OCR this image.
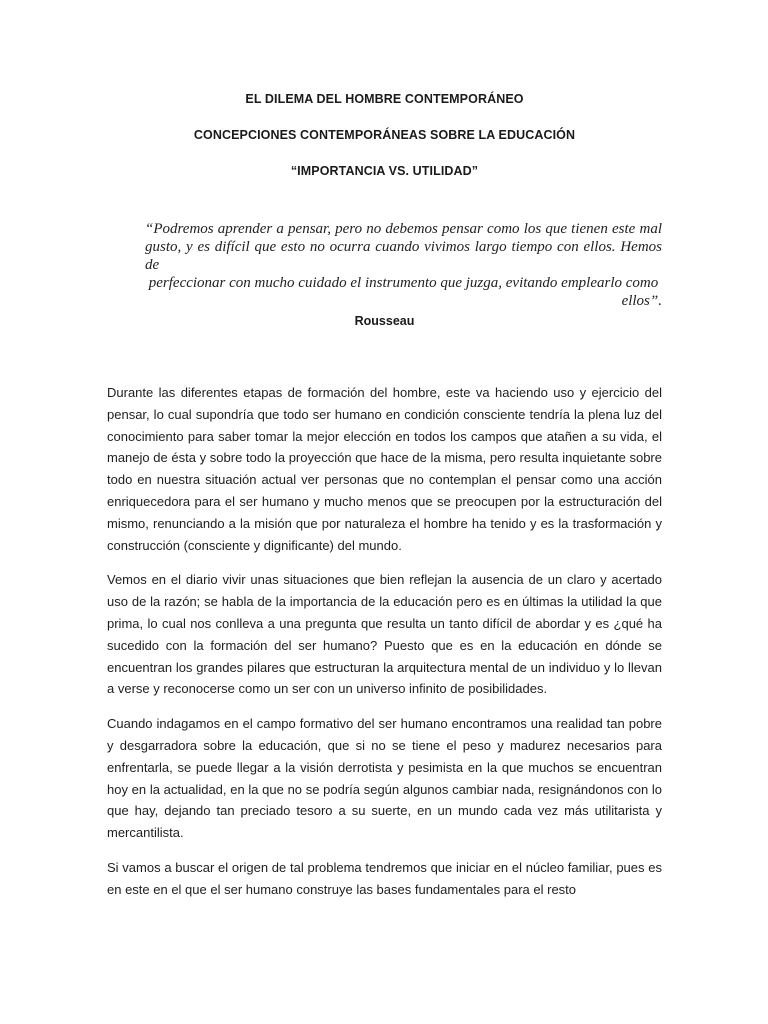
EL DILEMA DEL HOMBRE CONTEMPORÁNEO

CONCEPCIONES CONTEMPORÁNEAS SOBRE LA EDUCACIÓN

“IMPORTANCIA VS. UTILIDAD”

“Podremos aprender a pensar, pero no debemos pensar como los que tienen este mal
gusto, y es difícil que esto no ocurra cuando vivimos largo tiempo con ellos. Hemos de
perfeccionar con mucho cuidado el instrumento que juzga, evitando emplearlo como
ellos”.
Rousseau

Durante las diferentes etapas de formación del hombre, este va haciendo uso y ejercicio del pensar, lo cual supondría que todo ser humano en condición consciente tendría la plena luz del conocimiento para saber tomar la mejor elección en todos los campos que atañen a su vida, el manejo de ésta y sobre todo la proyección que hace de la misma, pero resulta inquietante sobre todo en nuestra situación actual ver personas que no contemplan el pensar como una acción enriquecedora para el ser humano y mucho menos que se preocupen por la estructuración del mismo, renunciando a la misión que por naturaleza el hombre ha tenido y es la trasformación y construcción (consciente y dignificante) del mundo.

Vemos en el diario vivir unas situaciones que bien reflejan la ausencia de un claro y acertado uso de la razón; se habla de la importancia de la educación pero es en últimas la utilidad la que prima, lo cual nos conlleva a una pregunta que resulta un tanto difícil de abordar y es ¿qué ha sucedido con la formación del ser humano? Puesto que es en la educación en dónde se encuentran los grandes pilares que estructuran la arquitectura mental de un individuo y lo llevan a verse y reconocerse como un ser con un universo infinito de posibilidades.

Cuando indagamos en el campo formativo del ser humano encontramos una realidad tan pobre y desgarradora sobre la educación, que si no se tiene el peso y madurez necesarios para enfrentarla, se puede llegar a la visión derrotista y pesimista en la que muchos se encuentran hoy en la actualidad, en la que no se podría según algunos cambiar nada, resignándonos con lo que hay, dejando tan preciado tesoro a su suerte, en un mundo cada vez más utilitarista y mercantilista.

Si vamos a buscar el origen de tal problema tendremos que iniciar en el núcleo familiar, pues es en este en el que el ser humano construye las bases fundamentales para el resto
